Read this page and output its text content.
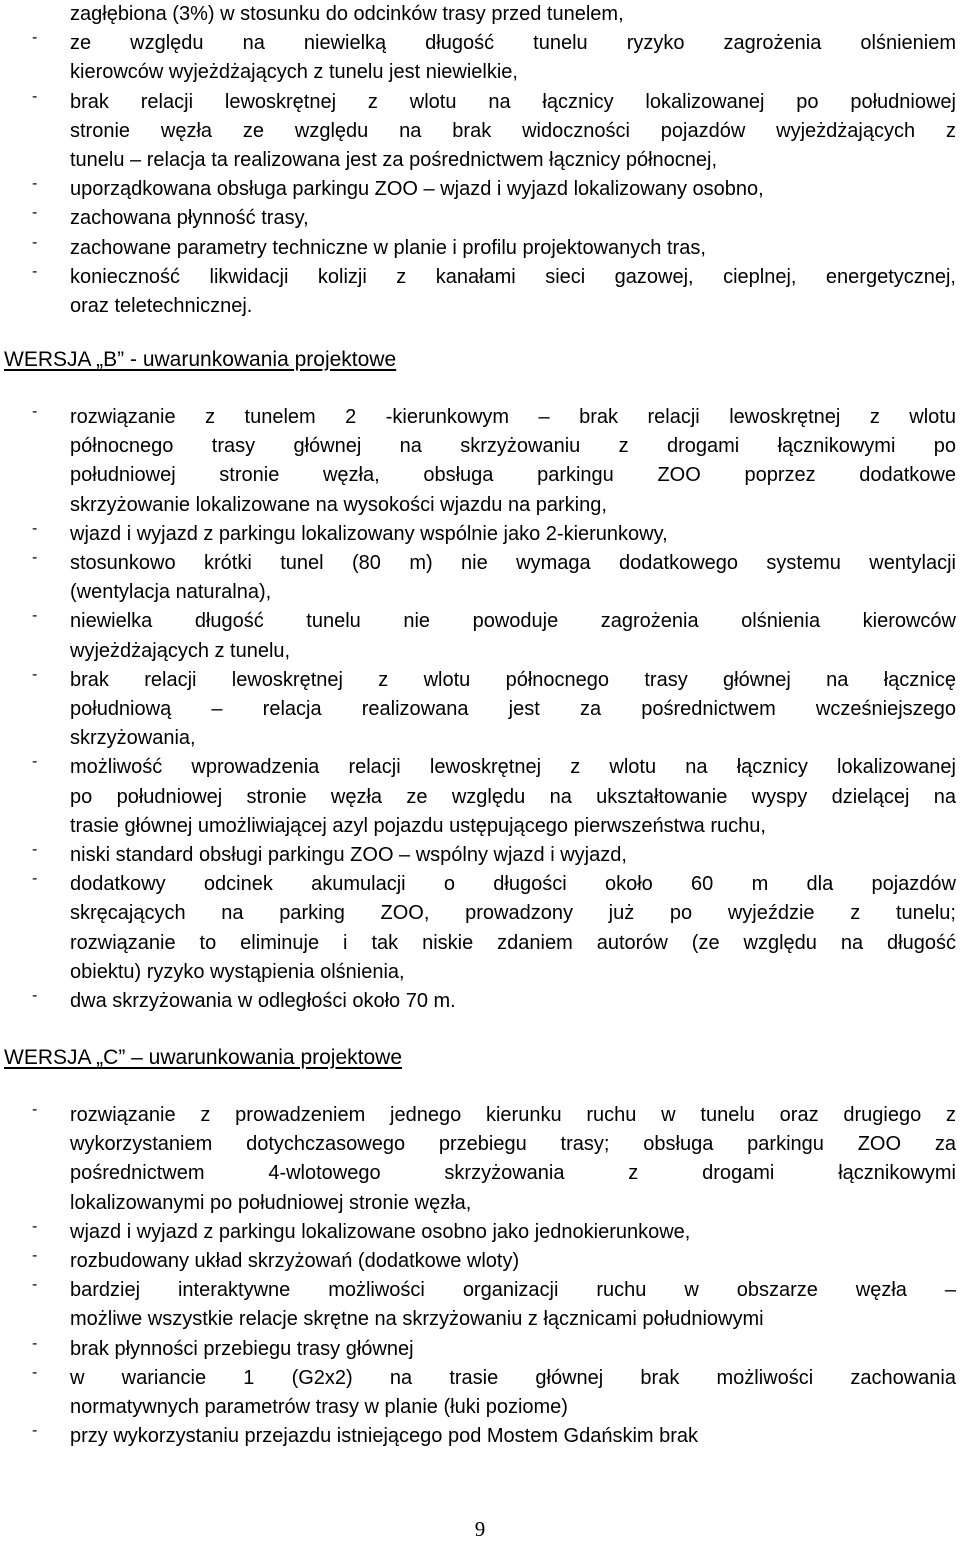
zagłębiona (3%) w stosunku do odcinków trasy przed tunelem,
- ze względu na niewielką długość tunelu ryzyko zagrożenia olśnieniem
kierowców wyjeżdżających z tunelu jest niewielkie,
- brak relacji lewoskrętnej z wlotu na łącznicy lokalizowanej po południowej
stronie węzła ze względu na brak widoczności pojazdów wyjeżdżających z
tunelu – relacja ta realizowana jest za pośrednictwem łącznicy północnej,
- uporządkowana obsługa parkingu ZOO – wjazd i wyjazd lokalizowany osobno,
- zachowana płynność trasy,
- zachowane parametry techniczne w planie i profilu projektowanych tras,
- konieczność likwidacji kolizji z kanałami sieci gazowej, cieplnej, energetycznej,
oraz teletechnicznej.
WERSJA „B” - uwarunkowania projektowe
- rozwiązanie z tunelem 2 -kierunkowym – brak relacji lewoskrętnej z wlotu
północnego trasy głównej na skrzyżowaniu z drogami łącznikowymi po
południowej stronie węzła, obsługa parkingu ZOO poprzez dodatkowe
skrzyżowanie lokalizowane na wysokości wjazdu na parking,
- wjazd i wyjazd z parkingu lokalizowany wspólnie jako 2-kierunkowy,
- stosunkowo krótki tunel (80 m) nie wymaga dodatkowego systemu wentylacji
(wentylacja naturalna),
- niewielka długość tunelu nie powoduje zagrożenia olśnienia kierowców
wyjeżdżających z tunelu,
- brak relacji lewoskrętnej z wlotu północnego trasy głównej na łącznicę
południową – relacja realizowana jest za pośrednictwem wcześniejszego
skrzyżowania,
- możliwość wprowadzenia relacji lewoskrętnej z wlotu na łącznicy lokalizowanej
po południowej stronie węzła ze względu na ukształtowanie wyspy dzielącej na
trasie głównej umożliwiającej azyl pojazdu ustępującego pierwszeństwa ruchu,
- niski standard obsługi parkingu ZOO – wspólny wjazd i wyjazd,
- dodatkowy odcinek akumulacji o długości około 60 m dla pojazdów
skręcających na parking ZOO, prowadzony już po wyjeździe z tunelu;
rozwiązanie to eliminuje i tak niskie zdaniem autorów (ze względu na długość
obiektu) ryzyko wystąpienia olśnienia,
- dwa skrzyżowania w odległości około 70 m.
WERSJA „C” – uwarunkowania projektowe
- rozwiązanie z prowadzeniem jednego kierunku ruchu w tunelu oraz drugiego z
wykorzystaniem dotychczasowego przebiegu trasy; obsługa parkingu ZOO za
pośrednictwem 4-wlotowego skrzyżowania z drogami łącznikowymi
lokalizowanymi po południowej stronie węzła,
- wjazd i wyjazd z parkingu lokalizowane osobno jako jednokierunkowe,
- rozbudowany układ skrzyżowań (dodatkowe wloty)
- bardziej interaktywne możliwości organizacji ruchu w obszarze węzła –
możliwe wszystkie relacje skrętne na skrzyżowaniu z łącznicami południowymi
- brak płynności przebiegu trasy głównej
- w wariancie 1 (G2x2) na trasie głównej brak możliwości zachowania
normatywnych parametrów trasy w planie (łuki poziome)
- przy wykorzystaniu przejazdu istniejącego pod Mostem Gdańskim brak
9
